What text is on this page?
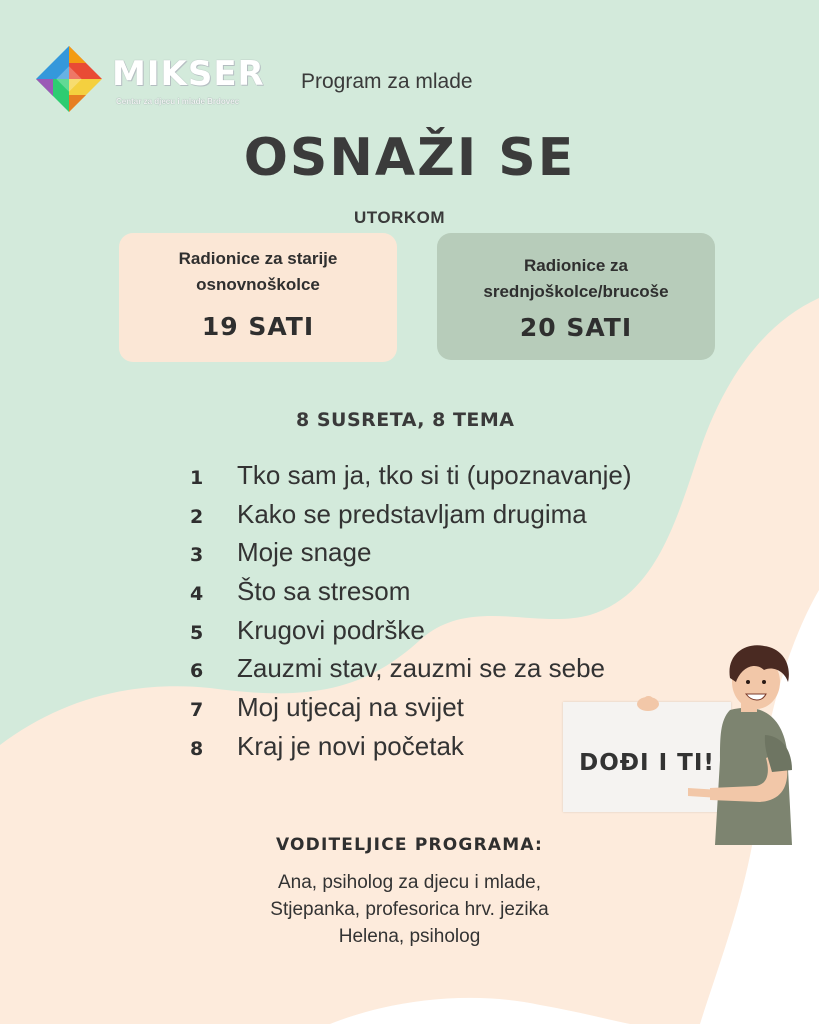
MIKSER
Centar za djecu i mlade Brdovec
Program za mlade
OSNAŽI SE
UTORKOM
Radionice za starije osnovnoškolce
19 SATI
Radionice za srednjoškolce/brucoše
20 SATI
8 SUSRETA, 8 TEMA
1	Tko sam ja, tko si ti (upoznavanje)
2	Kako se predstavljam drugima
3	Moje snage
4	Što sa stresom
5	Krugovi podrške
6	Zauzmi stav, zauzmi se za sebe
7	Moj utjecaj na svijet
8	Kraj je novi početak
DOĐI I TI!
VODITELJICE PROGRAMA:
Ana, psiholog za djecu i mlade,
Stjepanka, profesorica hrv. jezika
Helena, psiholog
